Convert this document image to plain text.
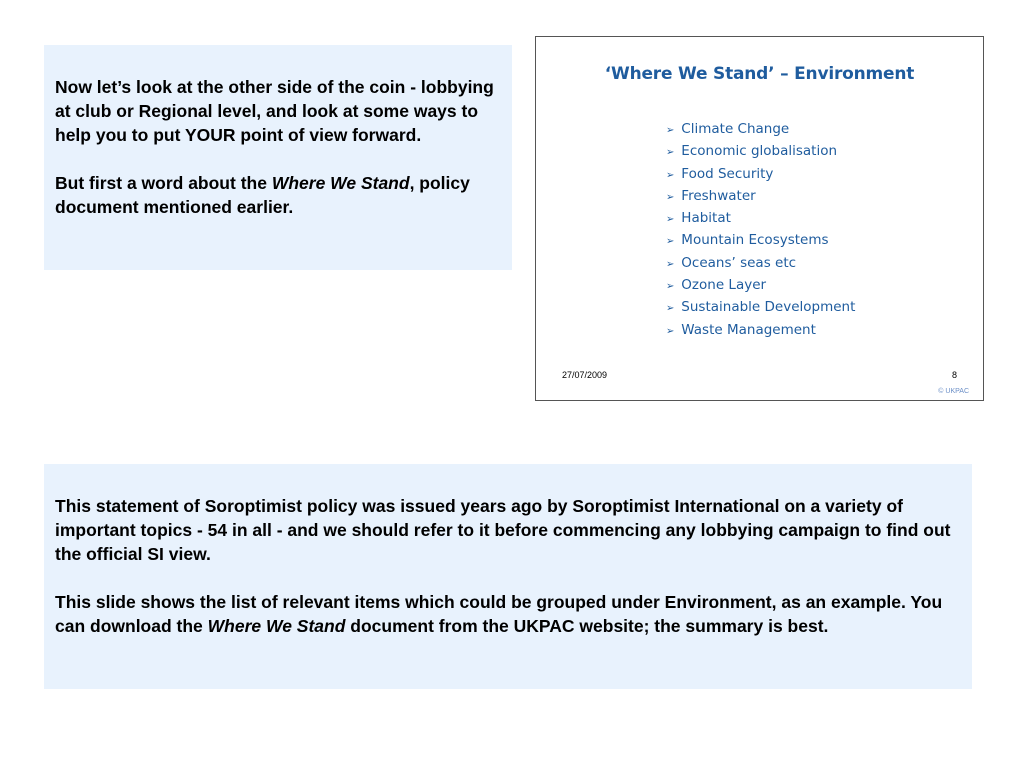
Now let’s look at the other side of the coin - lobbying at club or Regional level, and look at some ways to help you to put YOUR point of view forward.

But first a word about the Where We Stand, policy document mentioned earlier.

‘Where We Stand’ – Environment
➢ Climate Change
➢ Economic globalisation
➢ Food Security
➢ Freshwater
➢ Habitat
➢ Mountain Ecosystems
➢ Oceans’ seas etc
➢ Ozone Layer
➢ Sustainable Development
➢ Waste Management
27/07/2009	8
© UKPAC

This statement of Soroptimist policy was issued years ago by Soroptimist International on a variety of important topics - 54 in all - and we should refer to it before commencing any lobbying campaign to find out the official SI view.

This slide shows the list of relevant items which could be grouped under Environment, as an example. You can download the Where We Stand document from the UKPAC website; the summary is best.
